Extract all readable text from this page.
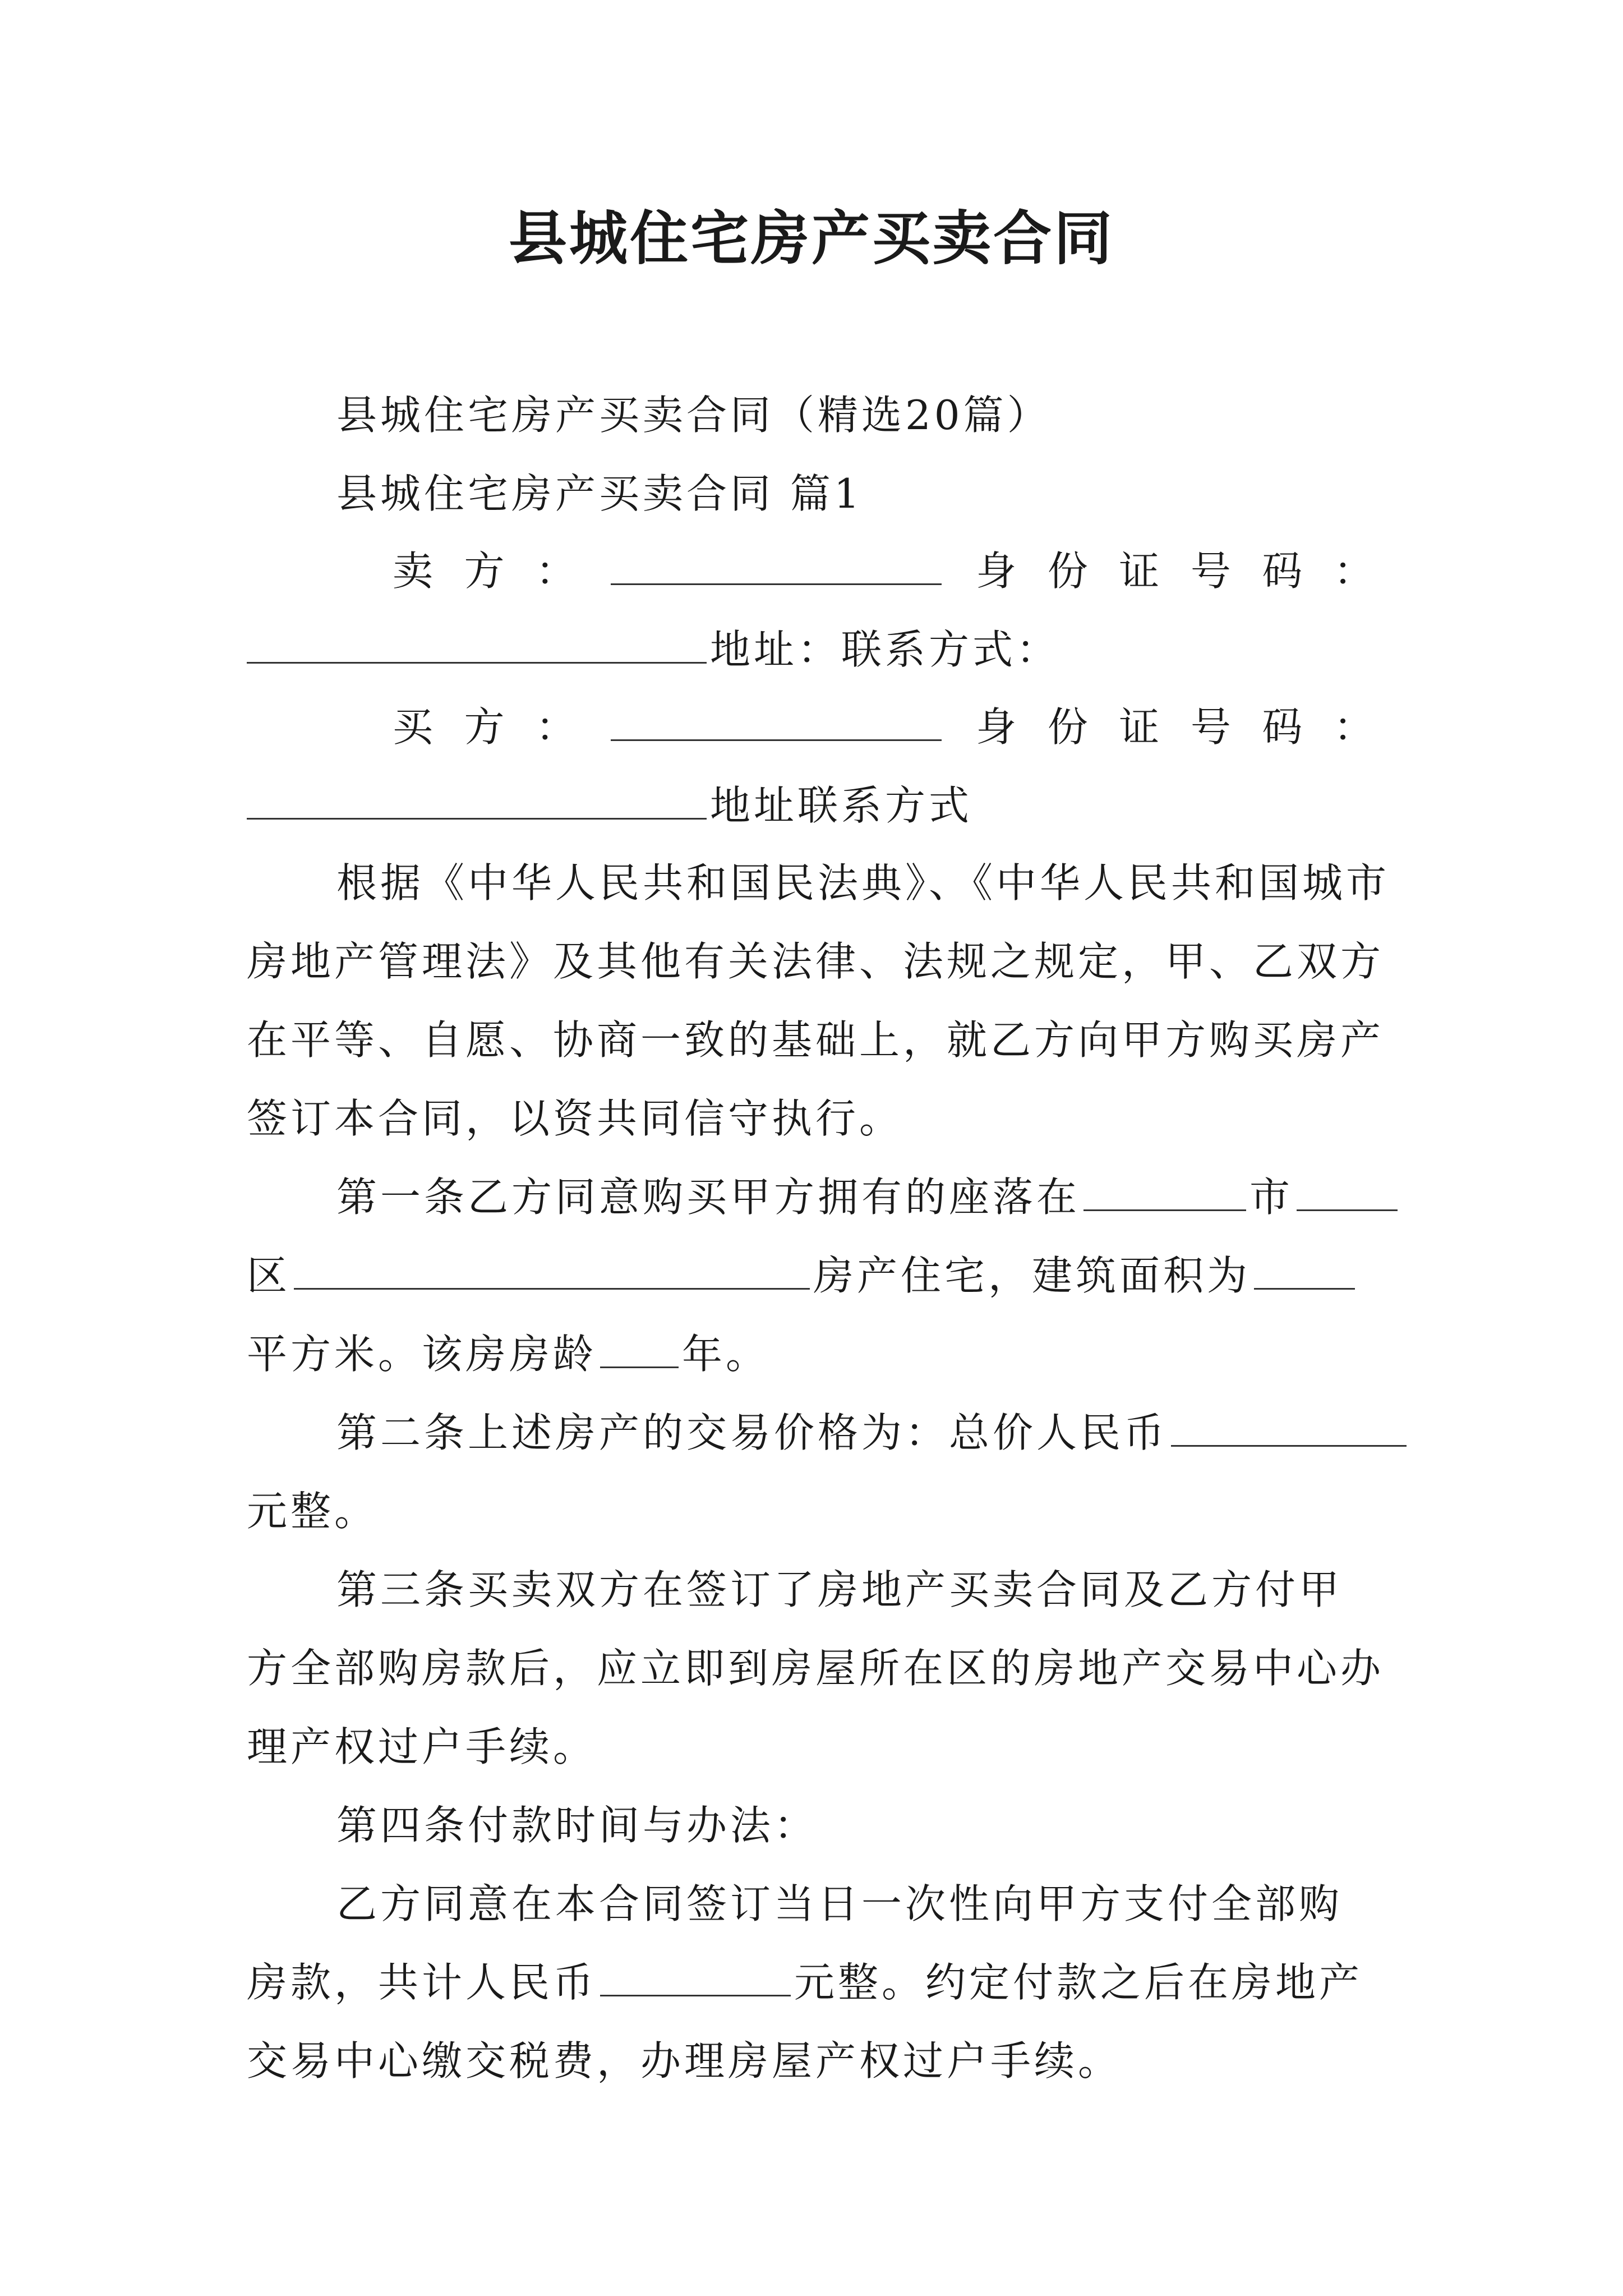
县城住宅房产买卖合同
县城住宅房产买卖合同（精选20篇）
县城住宅房产买卖合同 篇1
卖 方 ：	身 份 证 号 码 ：
地址：联系方式：
买 方 ：	身 份 证 号 码 ：
地址联系方式
根据《中华人民共和国民法典》、《中华人民共和国城市
房地产管理法》及其他有关法律、法规之规定，甲、乙双方
在平等、自愿、协商一致的基础上，就乙方向甲方购买房产
签订本合同，以资共同信守执行。
第一条乙方同意购买甲方拥有的座落在	市
区	房产住宅，建筑面积为
平方米。该房房龄 年。
第二条上述房产的交易价格为：总价人民币
元整。
第三条买卖双方在签订了房地产买卖合同及乙方付甲
方全部购房款后，应立即到房屋所在区的房地产交易中心办
理产权过户手续。
第四条付款时间与办法：
乙方同意在本合同签订当日一次性向甲方支付全部购
房款，共计人民币	元整。约定付款之后在房地产
交易中心缴交税费，办理房屋产权过户手续。
